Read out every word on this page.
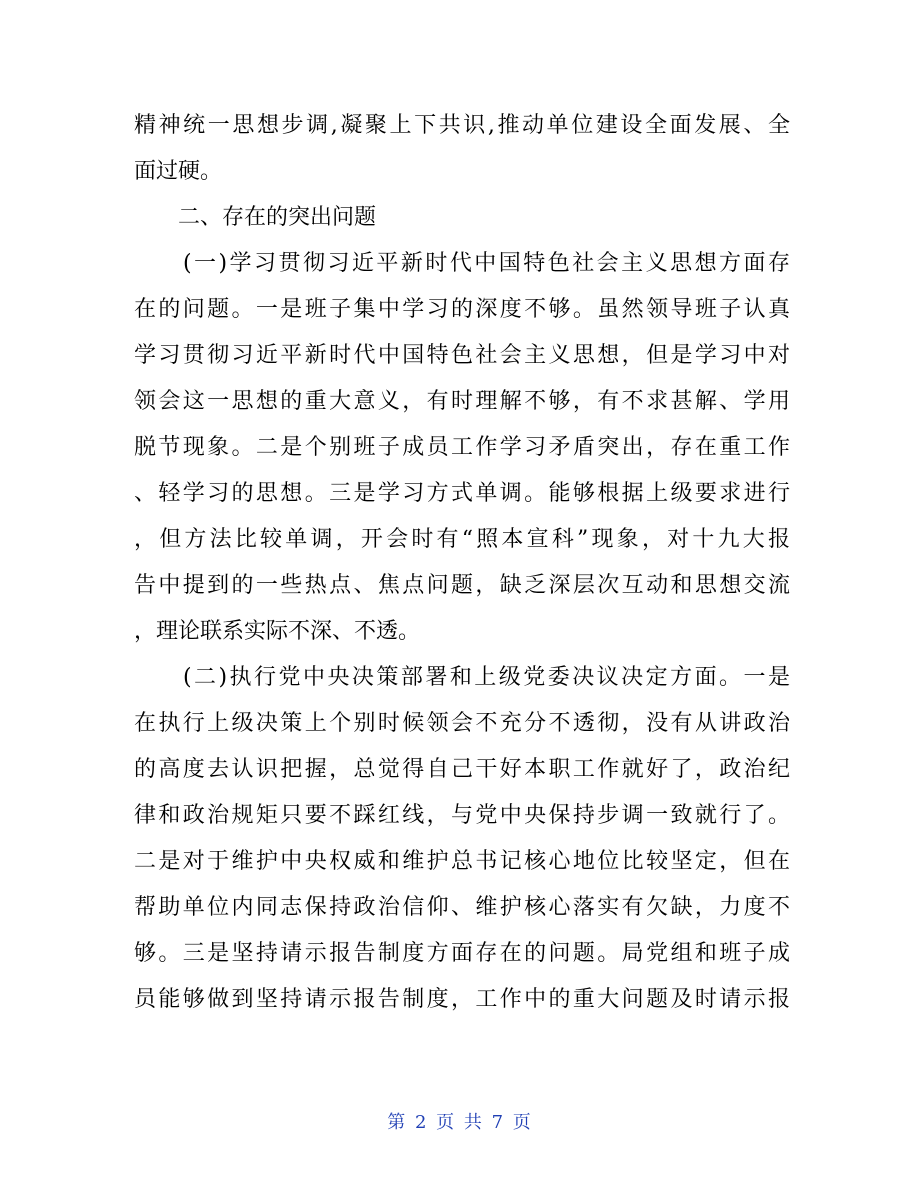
精神统一思想步调,凝聚上下共识,推动单位建设全面发展、全
面过硬。
　　二、存在的突出问题
　　(一)学习贯彻习近平新时代中国特色社会主义思想方面存
在的问题。一是班子集中学习的深度不够。虽然领导班子认真
学习贯彻习近平新时代中国特色社会主义思想，但是学习中对
领会这一思想的重大意义，有时理解不够，有不求甚解、学用
脱节现象。二是个别班子成员工作学习矛盾突出，存在重工作
、轻学习的思想。三是学习方式单调。能够根据上级要求进行
，但方法比较单调，开会时有“照本宣科”现象，对十九大报
告中提到的一些热点、焦点问题，缺乏深层次互动和思想交流
，理论联系实际不深、不透。
　　(二)执行党中央决策部署和上级党委决议决定方面。一是
在执行上级决策上个别时候领会不充分不透彻，没有从讲政治
的高度去认识把握，总觉得自己干好本职工作就好了，政治纪
律和政治规矩只要不踩红线，与党中央保持步调一致就行了。
二是对于维护中央权威和维护总书记核心地位比较坚定，但在
帮助单位内同志保持政治信仰、维护核心落实有欠缺，力度不
够。三是坚持请示报告制度方面存在的问题。局党组和班子成
员能够做到坚持请示报告制度，工作中的重大问题及时请示报
第 2 页 共 7 页
